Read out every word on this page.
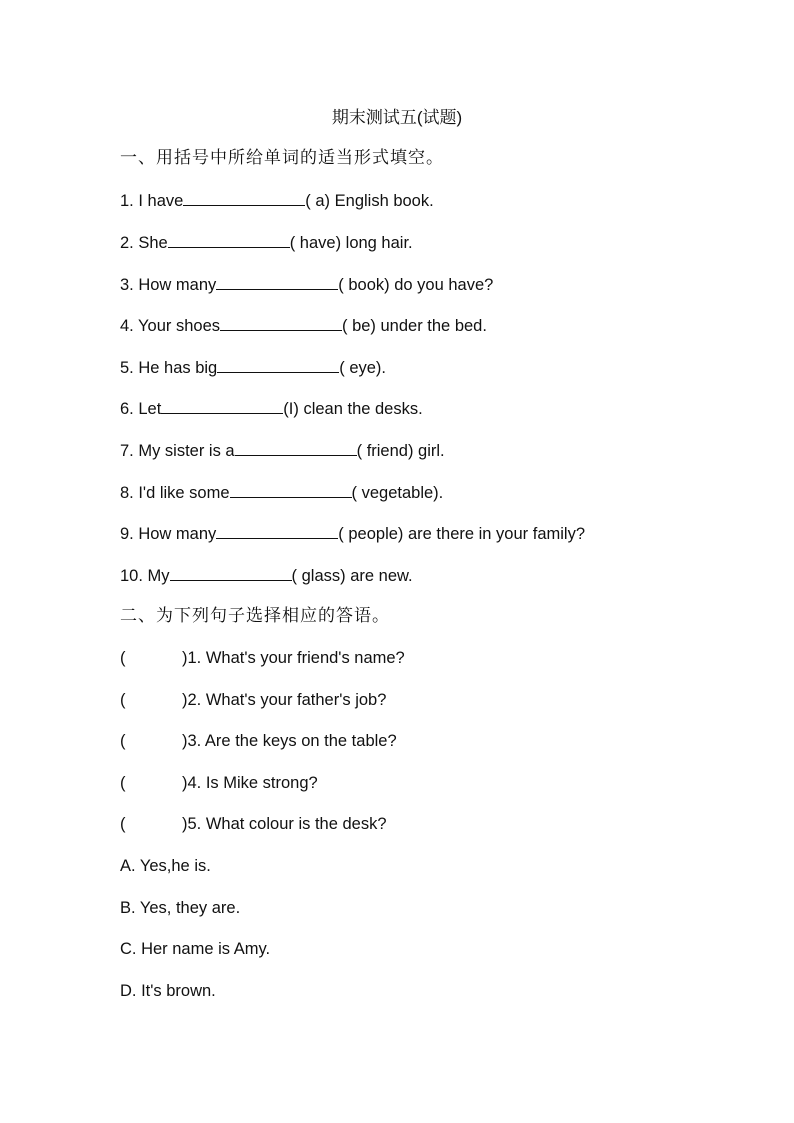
期末测试五(试题)
一、用括号中所给单词的适当形式填空。
1. I have	( a) English book.
2. She	( have) long hair.
3. How many	( book) do you have?
4. Your shoes	( be) under the bed.
5. He has big	( eye).
6. Let	(I) clean the desks.
7. My sister is a	( friend) girl.
8. I'd like some	( vegetable).
9. How many	( people) are there in your family?
10. My	( glass) are new.
二、为下列句子选择相应的答语。
(	)1. What's your friend's name?
(	)2. What's your father's job?
(	)3. Are the keys on the table?
(	)4. Is Mike strong?
(	)5. What colour is the desk?
A. Yes,he is.
B. Yes, they are.
C. Her name is Amy.
D. It's brown.
